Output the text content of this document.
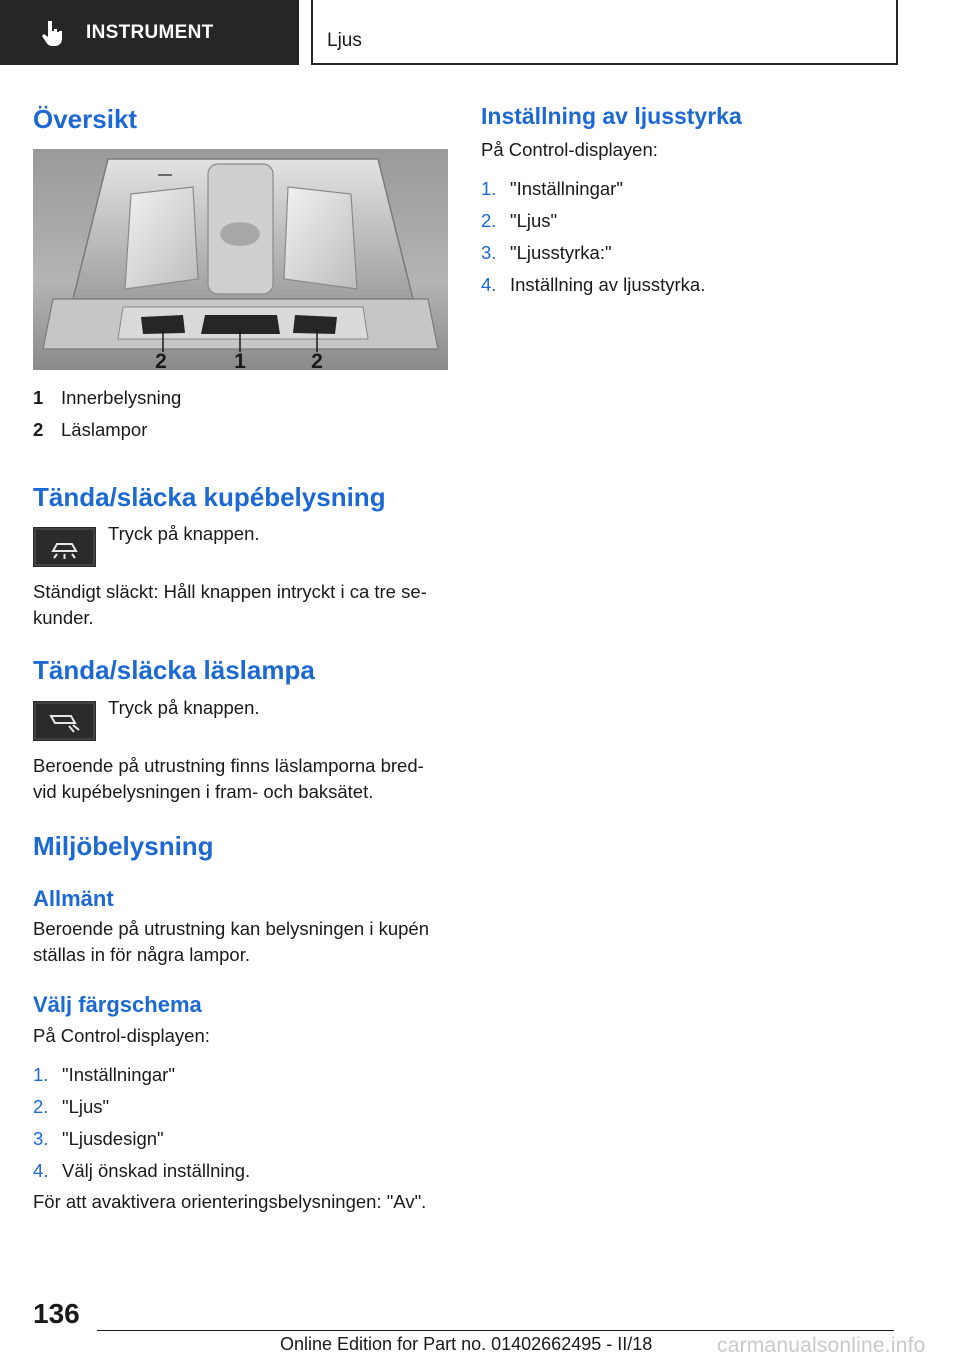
INSTRUMENT	Ljus
Översikt
2	1	2
1 Innerbelysning
2 Läslampor
Tända/släcka kupébelysning

Tryck på knappen.

Ständigt släckt: Håll knappen intryckt i ca tre se-

kunder.

Tända/släcka läslampa

Tryck på knappen.

Beroende på utrustning finns läslamporna bred-

vid kupébelysningen i fram- och baksätet.

Miljöbelysning
Allmänt

Beroende på utrustning kan belysningen i kupén

ställas in för några lampor.

Välj färgschema

På Control-displayen:

1. "Inställningar"
2. "Ljus"
3. "Ljusdesign"
4. Välj önskad inställning.

För att avaktivera orienteringsbelysningen: "Av".

Inställning av ljusstyrka

På Control-displayen:

1. "Inställningar"
2. "Ljus"
3. "Ljusstyrka:"
4. Inställning av ljusstyrka.
136
Online Edition for Part no. 01402662495 - II/18	carmanualsonline.info
